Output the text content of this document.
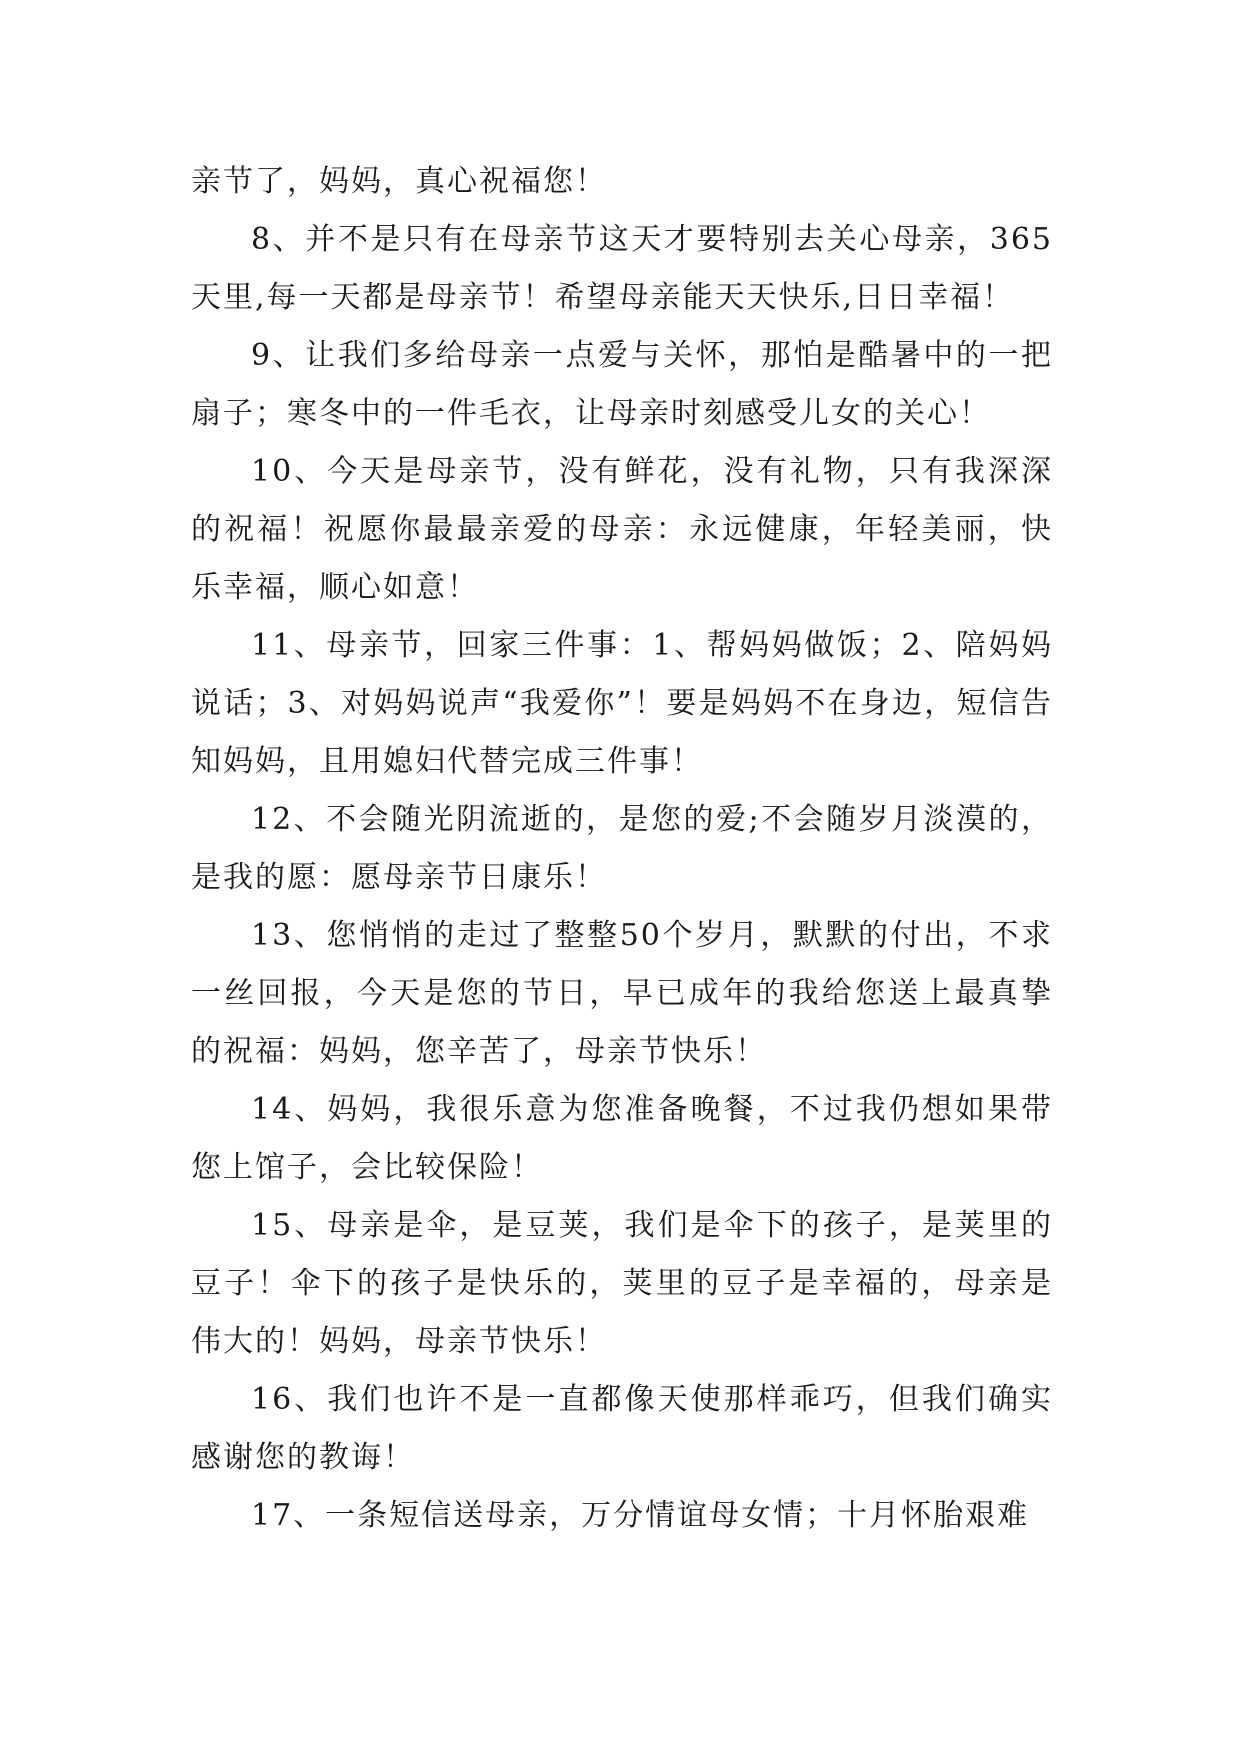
亲节了，妈妈，真心祝福您！

8、并不是只有在母亲节这天才要特别去关心母亲，365天里,每一天都是母亲节！希望母亲能天天快乐,日日幸福！

9、让我们多给母亲一点爱与关怀，那怕是酷暑中的一把扇子；寒冬中的一件毛衣，让母亲时刻感受儿女的关心！

10、今天是母亲节，没有鲜花，没有礼物，只有我深深的祝福！祝愿你最最亲爱的母亲：永远健康，年轻美丽，快乐幸福，顺心如意！

11、母亲节，回家三件事：1、帮妈妈做饭；2、陪妈妈说话；3、对妈妈说声“我爱你”！要是妈妈不在身边，短信告知妈妈，且用媳妇代替完成三件事！

12、不会随光阴流逝的，是您的爱;不会随岁月淡漠的，是我的愿：愿母亲节日康乐！

13、您悄悄的走过了整整50个岁月，默默的付出，不求一丝回报，今天是您的节日，早已成年的我给您送上最真挚的祝福：妈妈，您辛苦了，母亲节快乐！

14、妈妈，我很乐意为您准备晚餐，不过我仍想如果带您上馆子，会比较保险！

15、母亲是伞，是豆荚，我们是伞下的孩子，是荚里的豆子！伞下的孩子是快乐的，荚里的豆子是幸福的，母亲是伟大的！妈妈，母亲节快乐！

16、我们也许不是一直都像天使那样乖巧，但我们确实感谢您的教诲！

17、一条短信送母亲，万分情谊母女情；十月怀胎艰难
